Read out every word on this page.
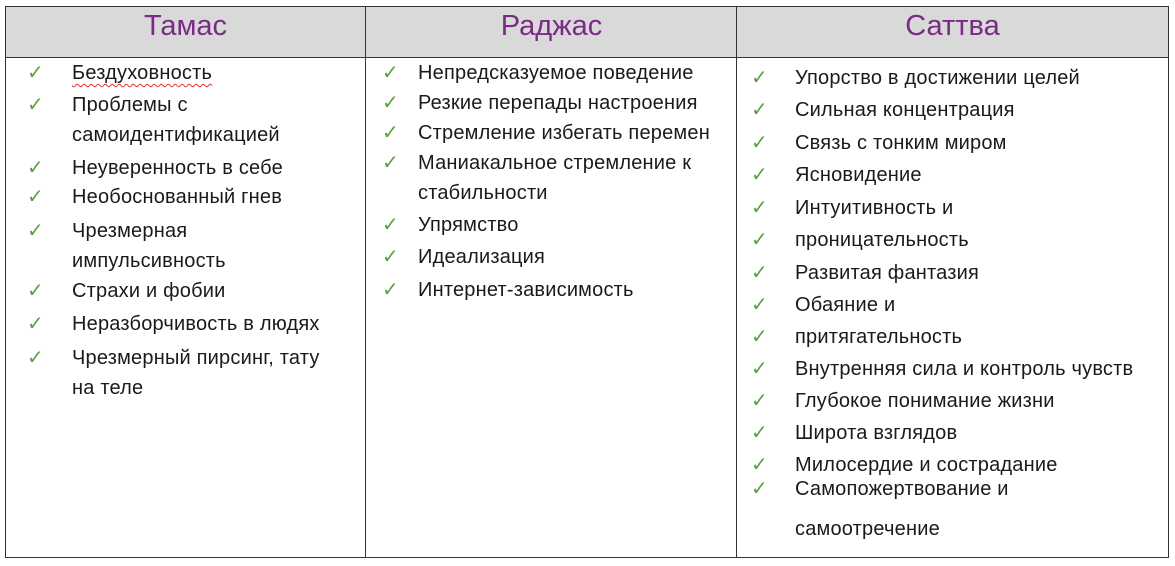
Тамас
✓ Бездуховность
✓ Проблемы с
самоидентификацией
✓ Неуверенность в себе
✓ Необоснованный гнев
✓ Чрезмерная
импульсивность
✓ Страхи и фобии
✓ Неразборчивость в людях
✓ Чрезмерный пирсинг, тату
на теле
Раджас
✓ Непредсказуемое поведение
✓ Резкие перепады настроения
✓ Стремление избегать перемен
✓ Маниакальное стремление к
стабильности
✓ Упрямство
✓ Идеализация
✓ Интернет-зависимость
Саттва
✓ Упорство в достижении целей
✓ Сильная концентрация
✓ Связь с тонким миром
✓ Ясновидение
✓ Интуитивность и
✓ проницательность
✓ Развитая фантазия
✓ Обаяние и
✓ притягательность
✓ Внутренняя сила и контроль чувств
✓ Глубокое понимание жизни
✓ Широта взглядов
✓ Милосердие и сострадание
✓ Самопожертвование и
самоотречение
